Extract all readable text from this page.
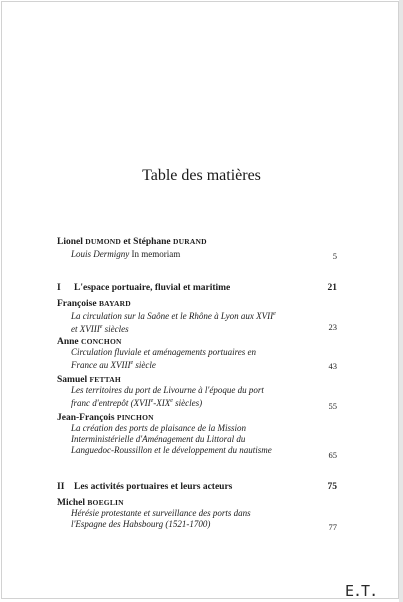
Table des matières
Lionel DUMOND et Stéphane DURAND
Louis Dermigny In memoriam	5
I L'espace portuaire, fluvial et maritime	21
Françoise BAYARD
La circulation sur la Saône et le Rhône à Lyon aux XVIIe
et XVIIIe siècles	23
Anne CONCHON
Circulation fluviale et aménagements portuaires en
France au XVIIIe siècle	43
Samuel FETTAH
Les territoires du port de Livourne à l'époque du port
franc d'entrepôt (XVIIe-XIXe siècles)	55
Jean-François PINCHON
La création des ports de plaisance de la Mission
Interministérielle d'Aménagement du Littoral du
Languedoc-Roussillon et le développement du nautisme	65
II Les activités portuaires et leurs acteurs	75
Michel BOEGLIN
Hérésie protestante et surveillance des ports dans
l'Espagne des Habsbourg (1521-1700)	77
E.T.
